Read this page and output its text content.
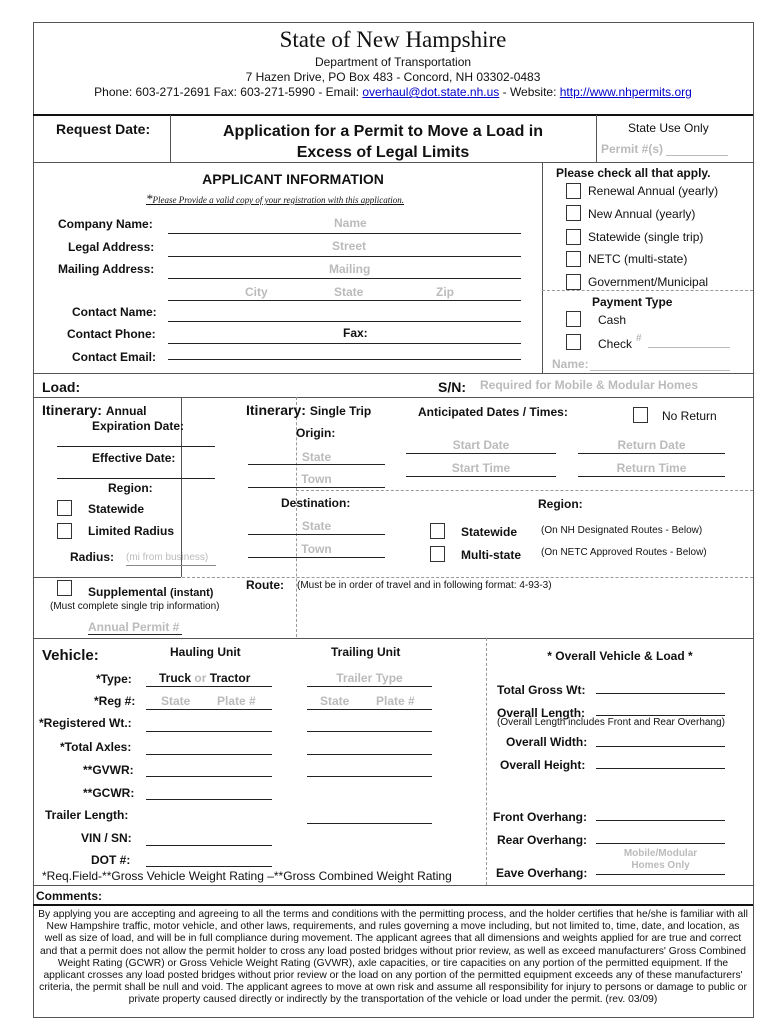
State of New Hampshire
Department of Transportation
7 Hazen Drive, PO Box 483 - Concord, NH 03302-0483
Phone: 603-271-2691 Fax: 603-271-5990 - Email: overhaul@dot.state.nh.us - Website: http://www.nhpermits.org
Request Date:	Application for a Permit to Move a Load in
Excess of Legal Limits
State Use Only
Permit #(s)
APPLICANT INFORMATION
*Please Provide a valid copy of your registration with this application.
Company Name:	Name
Legal Address:	Street
Mailing Address:	Mailing
City	State	Zip
Contact Name:
Contact Phone:	Fax:
Contact Email:
Please check all that apply.
Renewal Annual (yearly)
New Annual (yearly)
Statewide (single trip)
NETC (multi-state)
Government/Municipal
Payment Type
Cash
Check #
Name:
Load:	S/N: Required for Mobile & Modular Homes
Itinerary: Annual
Expiration Date:
Effective Date:
Region:
Statewide
Limited Radius
Radius: (mi from business)
Itinerary: Single Trip
Origin:
State
Town
Destination:
State
Town
Anticipated Dates / Times:	No Return
Start Date	Return Date
Start Time	Return Time
Region:
Statewide (On NH Designated Routes - Below)
Multi-state (On NETC Approved Routes - Below)
Supplemental (instant)
(Must complete single trip information)
Annual Permit #
Route: (Must be in order of travel and in following format: 4-93-3)
Vehicle:	Hauling Unit	Trailing Unit
*Type: Truck or Tractor	Trailer Type
*Reg #: State Plate #	State Plate #
*Registered Wt.:
*Total Axles:
**GVWR:
**GCWR:
Trailer Length:
VIN / SN:
DOT #:
*Req.Field-**Gross Vehicle Weight Rating –**Gross Combined Weight Rating
* Overall Vehicle & Load *
Total Gross Wt:
Overall Length:
(Overall Length includes Front and Rear Overhang)
Overall Width:
Overall Height:
Front Overhang:
Rear Overhang:
Mobile/Modular
Homes Only
Eave Overhang:
Comments:
By applying you are accepting and agreeing to all the terms and conditions with the permitting process, and the holder certifies that he/she is familiar with all New Hampshire traffic, motor vehicle, and other laws, requirements, and rules governing a move including, but not limited to, time, date, and location, as well as size of load, and will be in full compliance during movement. The applicant agrees that all dimensions and weights applied for are true and correct and that a permit does not allow the permit holder to cross any load posted bridges without prior review, as well as exceed manufacturers' Gross Combined Weight Rating (GCWR) or Gross Vehicle Weight Rating (GVWR), axle capacities, or tire capacities on any portion of the permitted equipment. If the applicant crosses any load posted bridges without prior review or the load on any portion of the permitted equipment exceeds any of these manufacturers' criteria, the permit shall be null and void. The applicant agrees to move at own risk and assume all responsibility for injury to persons or damage to public or private property caused directly or indirectly by the transportation of the vehicle or load under the permit. (rev. 03/09)
